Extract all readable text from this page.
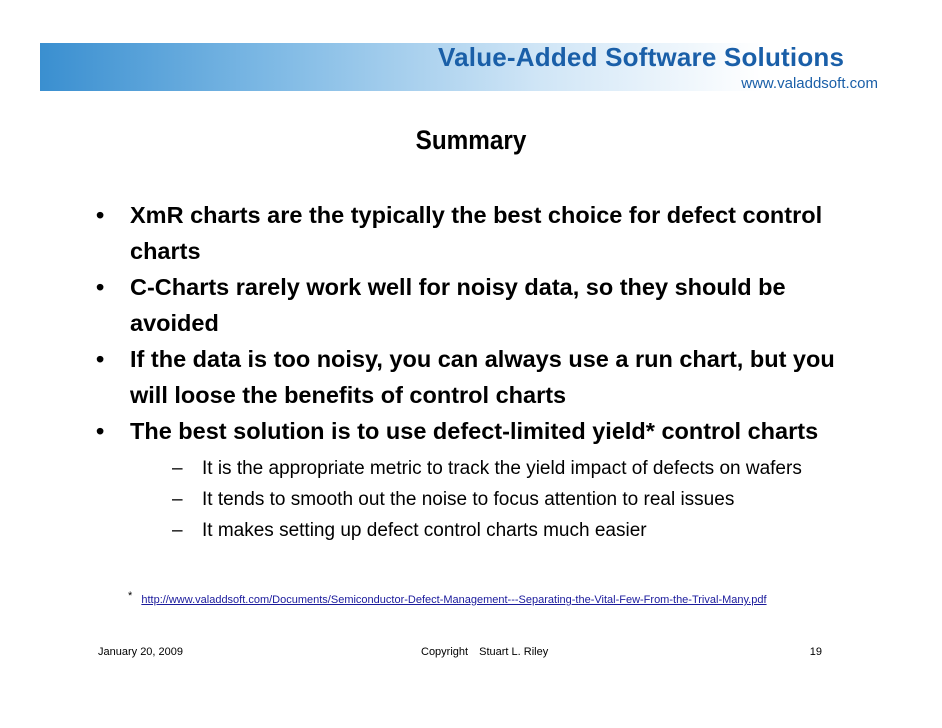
Value-Added Software Solutions
www.valaddsoft.com
Summary
• XmR charts are the typically the best choice for defect control charts
• C-Charts rarely work well for noisy data, so they should be avoided
• If the data is too noisy, you can always use a run chart, but you will loose the benefits of control charts
• The best solution is to use defect-limited yield* control charts
– It is the appropriate metric to track the yield impact of defects on wafers
– It tends to smooth out the noise to focus attention to real issues
– It makes setting up defect control charts much easier
* http://www.valaddsoft.com/Documents/Semiconductor-Defect-Management---Separating-the-Vital-Few-From-the-Trival-Many.pdf
January 20, 2009	Copyright Stuart L. Riley	19
